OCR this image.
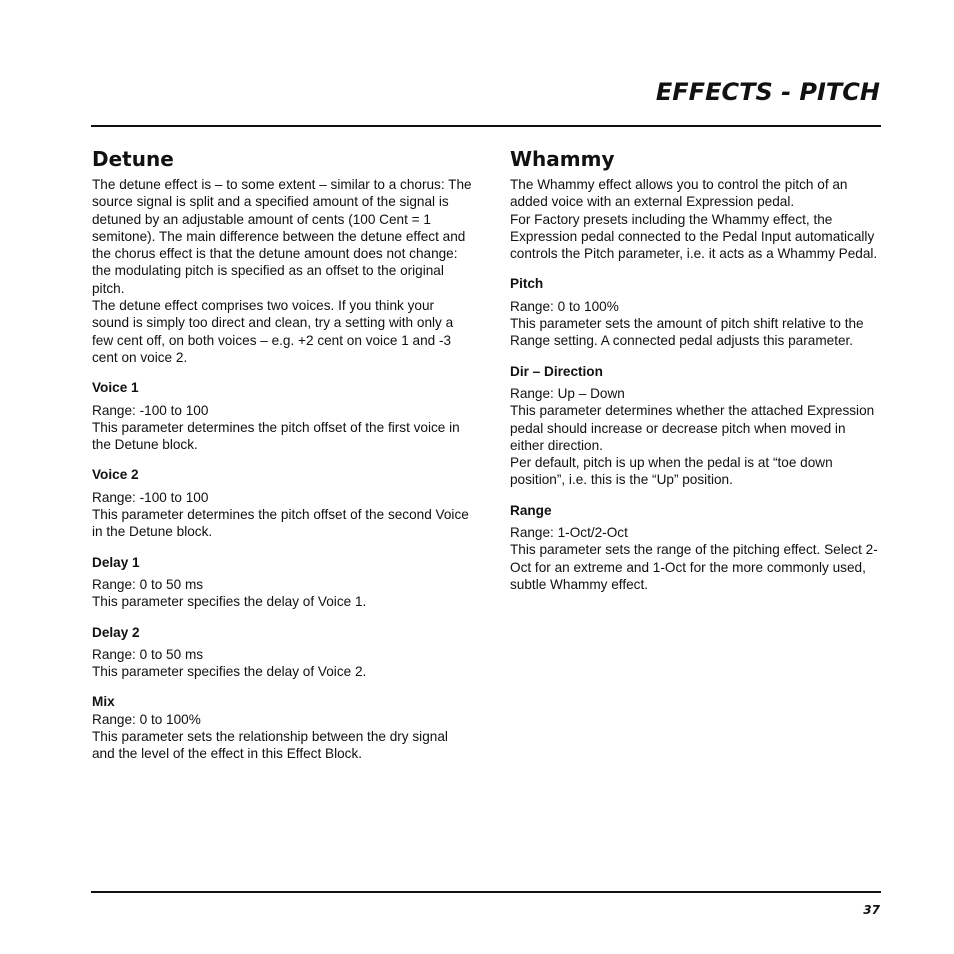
EFFECTS - PITCH
Detune

The detune effect is – to some extent – similar to a chorus: The source signal is split and a specified amount of the signal is detuned by an adjustable amount of cents (100 Cent = 1 semitone). The main difference between the detune effect and the chorus effect is that the detune amount does not change: the modulating pitch is specified as an offset to the original pitch.

The detune effect comprises two voices. If you think your sound is simply too direct and clean, try a setting with only a few cent off, on both voices – e.g. +2 cent on voice 1 and -3 cent on voice 2.

Voice 1

Range: -100 to 100

This parameter determines the pitch offset of the first voice in the Detune block.

Voice 2

Range: -100 to 100

This parameter determines the pitch offset of the second Voice in the Detune block.

Delay 1

Range: 0 to 50 ms

This parameter specifies the delay of Voice 1.

Delay 2

Range: 0 to 50 ms

This parameter specifies the delay of Voice 2.

Mix

Range: 0 to 100%

This parameter sets the relationship between the dry signal and the level of the effect in this Effect Block.

Whammy

The Whammy effect allows you to control the pitch of an added voice with an external Expression pedal.

For Factory presets including the Whammy effect, the Expression pedal connected to the Pedal Input automatically controls the Pitch parameter, i.e. it acts as a Whammy Pedal.

Pitch

Range: 0 to 100%

This parameter sets the amount of pitch shift relative to the Range setting. A connected pedal adjusts this parameter.

Dir – Direction

Range: Up – Down

This parameter determines whether the attached Expression pedal should increase or decrease pitch when moved in either direction.

Per default, pitch is up when the pedal is at “toe down position”, i.e. this is the “Up” position.

Range

Range: 1-Oct/2-Oct

This parameter sets the range of the pitching effect. Select 2-Oct for an extreme and 1-Oct for the more commonly used, subtle Whammy effect.

37
